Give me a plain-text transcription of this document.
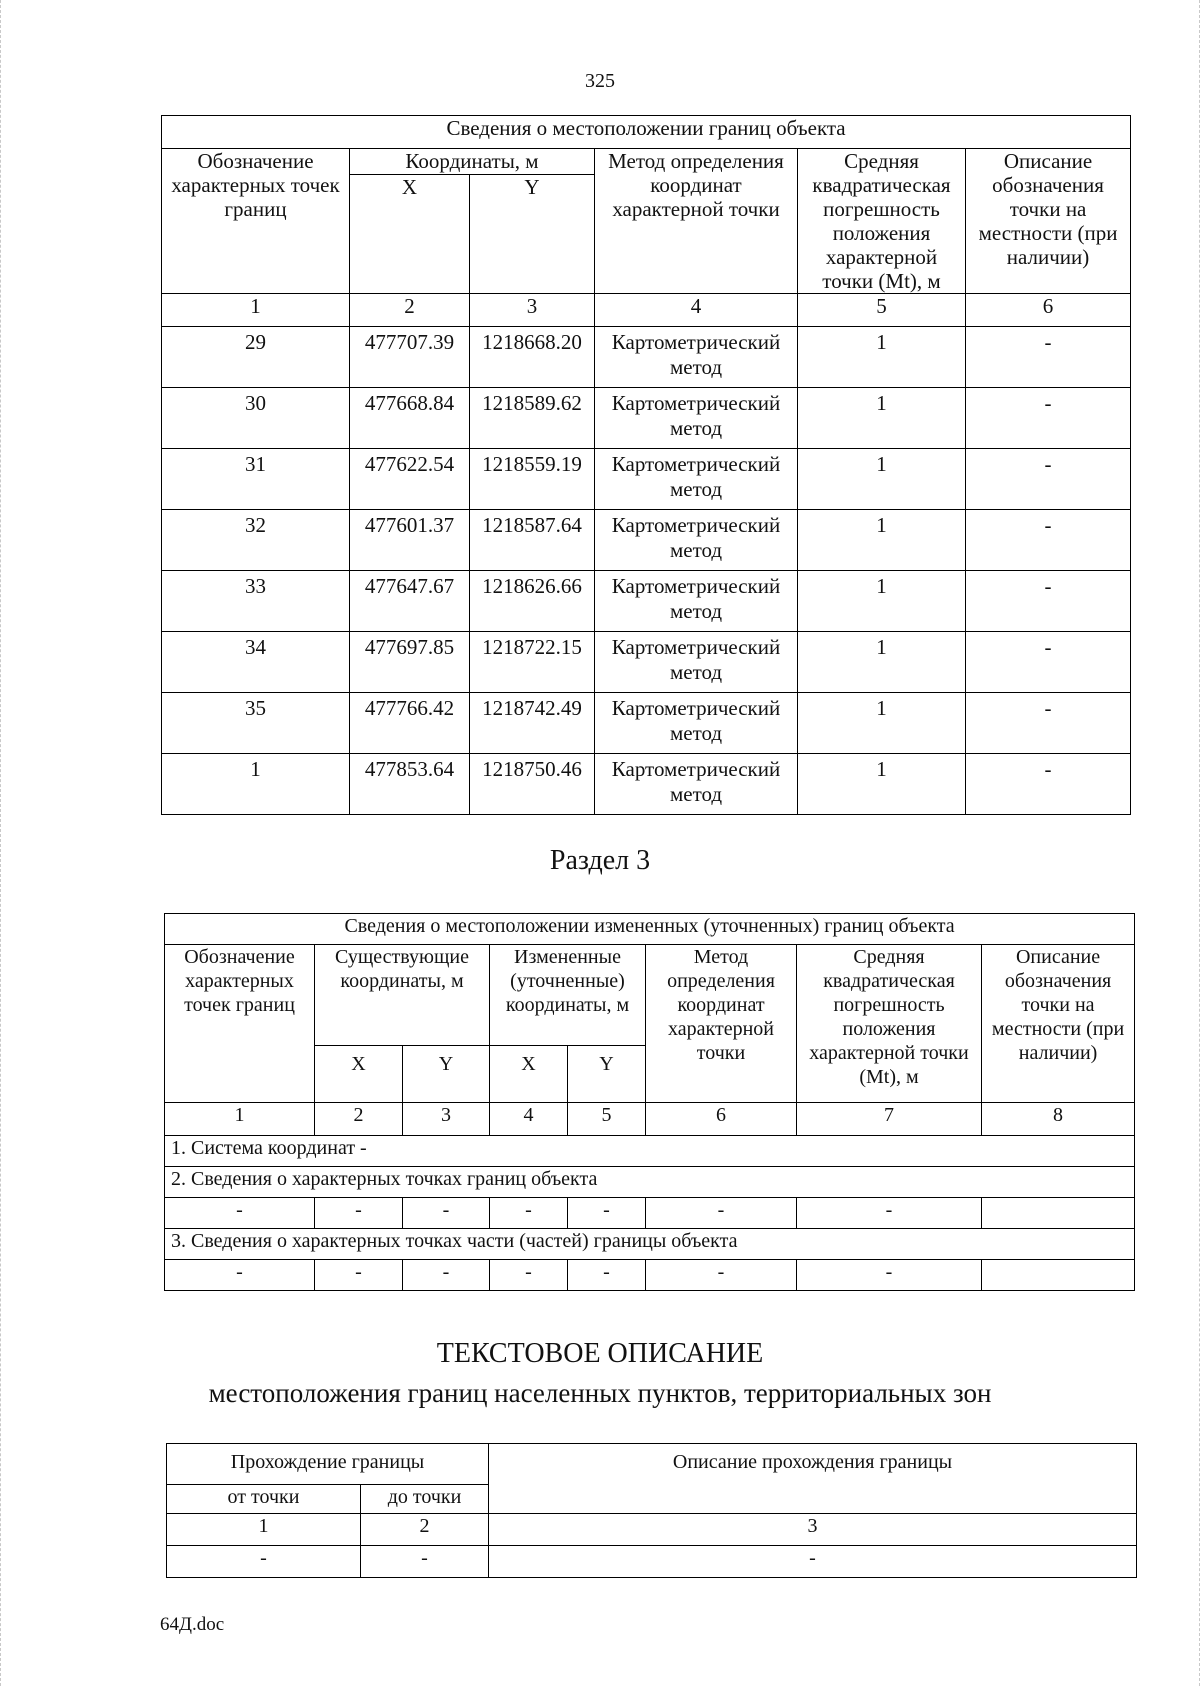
325
Сведения о местоположении границ объекта					
Обозначение характерных точек границ	Координаты, м		Метод определения координат характерной точки	Средняя квадратическая погрешность положения характерной точки (Mt), м	Описание обозначения точки на местности (при наличии)
	X	Y			
1	2	3	4	5	6
29	477707.39	1218668.20	Картометрический метод	1	-
30	477668.84	1218589.62	Картометрический метод	1	-
31	477622.54	1218559.19	Картометрический метод	1	-
32	477601.37	1218587.64	Картометрический метод	1	-
33	477647.67	1218626.66	Картометрический метод	1	-
34	477697.85	1218722.15	Картометрический метод	1	-
35	477766.42	1218742.49	Картометрический метод	1	-
1	477853.64	1218750.46	Картометрический метод	1	-
Раздел 3
Сведения о местоположении измененных (уточненных) границ объекта							
Обозначение характерных точек границ	Существующие координаты, м		Измененные (уточненные) координаты, м		Метод определения координат характерной точки	Средняя квадратическая погрешность положения характерной точки (Mt), м	Описание обозначения точки на местности (при наличии)
	X	Y	X	Y			
1	2	3	4	5	6	7	8
1. Система координат -							
2. Сведения о характерных точках границ объекта							
-	-	-	-	-	-	-	
3. Сведения о характерных точках части (частей) границы объекта							
-	-	-	-	-	-	-	
ТЕКСТОВОЕ ОПИСАНИЕ
местоположения границ населенных пунктов, территориальных зон
Прохождение границы		Описание прохождения границы
от точки	до точки	
1	2	3
-	-	-
64Д.doc
